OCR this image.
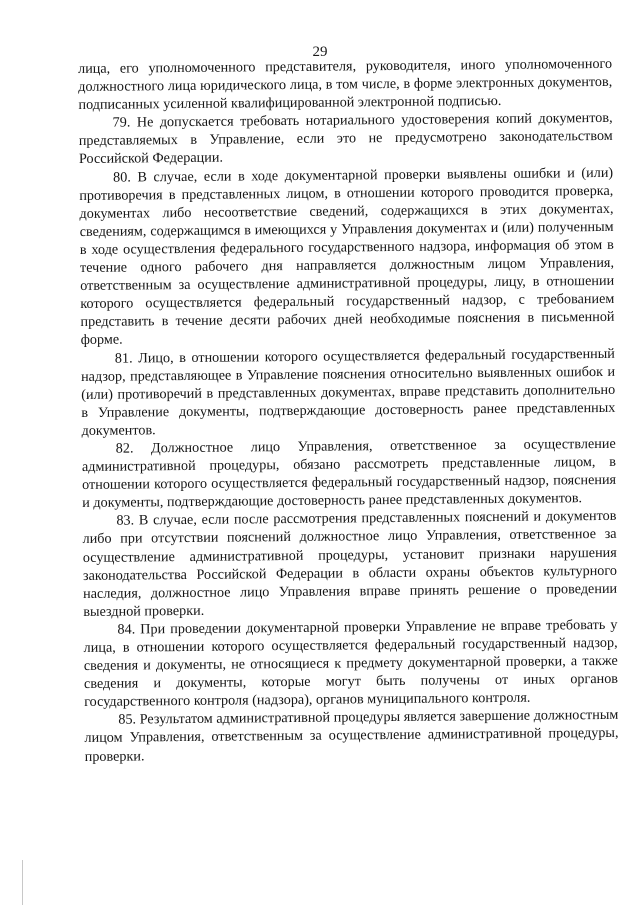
29

лица, его уполномоченного представителя, руководителя, иного уполномоченного должностного лица юридического лица, в том числе, в форме электронных документов, подписанных усиленной квалифицированной электронной подписью.

79. Не допускается требовать нотариального удостоверения копий документов, представляемых в Управление, если это не предусмотрено законодательством Российской Федерации.

80. В случае, если в ходе документарной проверки выявлены ошибки и (или) противоречия в представленных лицом, в отношении которого проводится проверка, документах либо несоответствие сведений, содержащихся в этих документах, сведениям, содержащимся в имеющихся у Управления документах и (или) полученным в ходе осуществления федерального государственного надзора, информация об этом в течение одного рабочего дня направляется должностным лицом Управления, ответственным за осуществление административной процедуры, лицу, в отношении которого осуществляется федеральный государственный надзор, с требованием представить в течение десяти рабочих дней необходимые пояснения в письменной форме.

81. Лицо, в отношении которого осуществляется федеральный государственный надзор, представляющее в Управление пояснения относительно выявленных ошибок и (или) противоречий в представленных документах, вправе представить дополнительно в Управление документы, подтверждающие достоверность ранее представленных документов.

82. Должностное лицо Управления, ответственное за осуществление административной процедуры, обязано рассмотреть представленные лицом, в отношении которого осуществляется федеральный государственный надзор, пояснения и документы, подтверждающие достоверность ранее представленных документов.

83. В случае, если после рассмотрения представленных пояснений и документов либо при отсутствии пояснений должностное лицо Управления, ответственное за осуществление административной процедуры, установит признаки нарушения законодательства Российской Федерации в области охраны объектов культурного наследия, должностное лицо Управления вправе принять решение о проведении выездной проверки.

84. При проведении документарной проверки Управление не вправе требовать у лица, в отношении которого осуществляется федеральный государственный надзор, сведения и документы, не относящиеся к предмету документарной проверки, а также сведения и документы, которые могут быть получены от иных органов государственного контроля (надзора), органов муниципального контроля.

85. Результатом административной процедуры является завершение должностным лицом Управления, ответственным за осуществление административной процедуры, проверки.
